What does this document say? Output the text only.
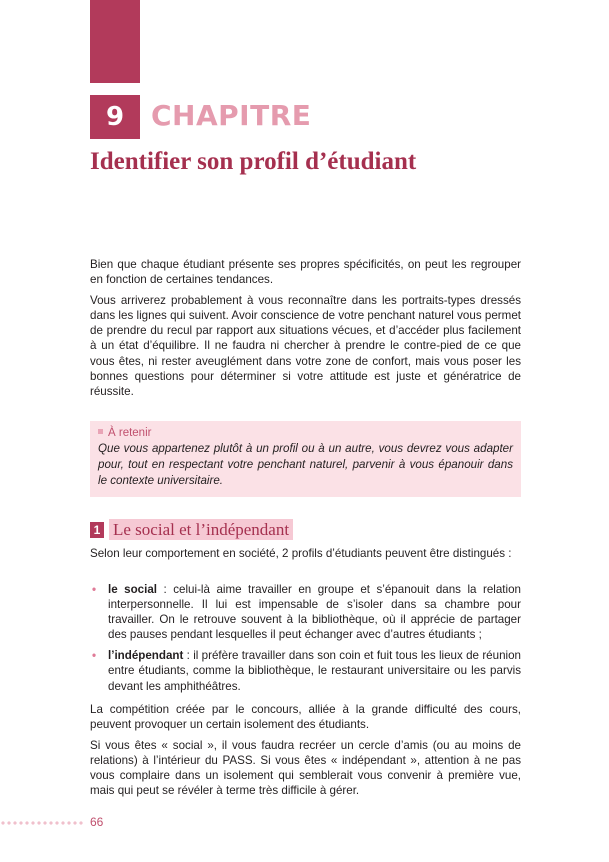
9 CHAPITRE
Identifier son profil d’étudiant

Bien que chaque étudiant présente ses propres spécificités, on peut les regrouper en fonction de certaines tendances.

Vous arriverez probablement à vous reconnaître dans les portraits-types dressés dans les lignes qui suivent. Avoir conscience de votre penchant naturel vous permet de prendre du recul par rapport aux situations vécues, et d’accéder plus facilement à un état d’équilibre. Il ne faudra ni chercher à prendre le contre-pied de ce que vous êtes, ni rester aveuglément dans votre zone de confort, mais vous poser les bonnes questions pour déterminer si votre attitude est juste et génératrice de réussite.

À retenir
Que vous appartenez plutôt à un profil ou à un autre, vous devrez vous adapter pour, tout en respectant votre penchant naturel, parvenir à vous épanouir dans le contexte universitaire.
1 Le social et l’indépendant

Selon leur comportement en société, 2 profils d’étudiants peuvent être distingués :

• le social : celui-là aime travailler en groupe et s’épanouit dans la relation interpersonnelle. Il lui est impensable de s’isoler dans sa chambre pour travailler. On le retrouve souvent à la bibliothèque, où il apprécie de partager des pauses pendant lesquelles il peut échanger avec d’autres étudiants ;
• l’indépendant : il préfère travailler dans son coin et fuit tous les lieux de réunion entre étudiants, comme la bibliothèque, le restaurant universitaire ou les parvis devant les amphithéâtres.

La compétition créée par le concours, alliée à la grande difficulté des cours, peuvent provoquer un certain isolement des étudiants.

Si vous êtes « social », il vous faudra recréer un cercle d’amis (ou au moins de relations) à l’intérieur du PASS. Si vous êtes « indépendant », attention à ne pas vous complaire dans un isolement qui semblerait vous convenir à première vue, mais qui peut se révéler à terme très difficile à gérer.

66
